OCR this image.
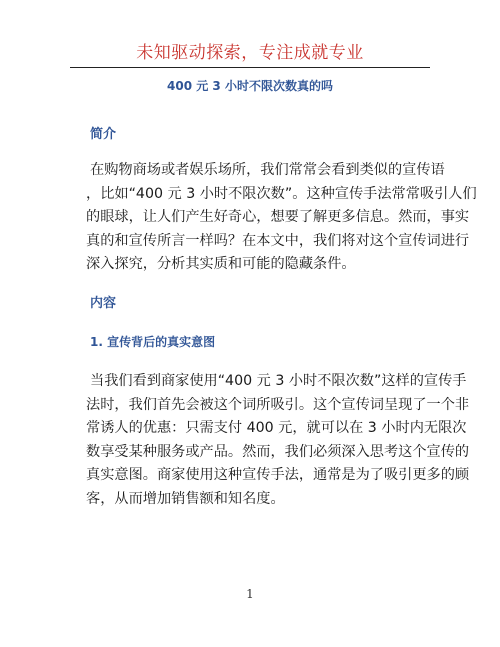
未知驱动探索，专注成就专业
400 元 3 小时不限次数真的吗
简介
在购物商场或者娱乐场所，我们常常会看到类似的宣传语
，比如“400 元 3 小时不限次数”。这种宣传手法常常吸引人们
的眼球，让人们产生好奇心，想要了解更多信息。然而，事实
真的和宣传所言一样吗？在本文中，我们将对这个宣传词进行
深入探究，分析其实质和可能的隐藏条件。
内容
1. 宣传背后的真实意图
当我们看到商家使用“400 元 3 小时不限次数”这样的宣传手
法时，我们首先会被这个词所吸引。这个宣传词呈现了一个非
常诱人的优惠：只需支付 400 元，就可以在 3 小时内无限次
数享受某种服务或产品。然而，我们必须深入思考这个宣传的
真实意图。商家使用这种宣传手法，通常是为了吸引更多的顾
客，从而增加销售额和知名度。
1
